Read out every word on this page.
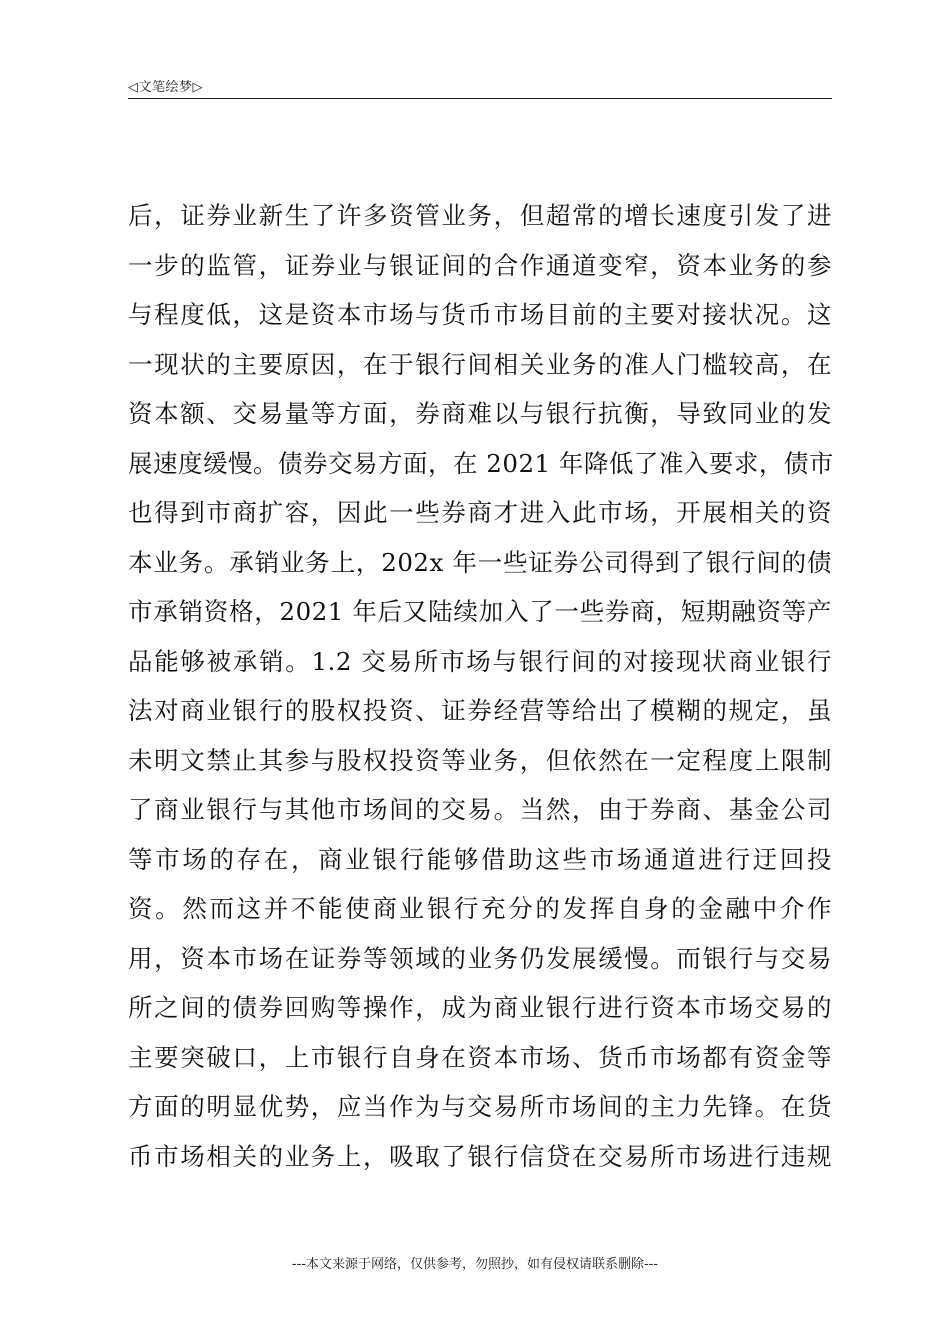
◁文笔绘梦▷
后，证券业新生了许多资管业务，但超常的增长速度引发了进
一步的监管，证券业与银证间的合作通道变窄，资本业务的参
与程度低，这是资本市场与货币市场目前的主要对接状况。这
一现状的主要原因，在于银行间相关业务的准人门槛较高，在
资本额、交易量等方面，券商难以与银行抗衡，导致同业的发
展速度缓慢。债券交易方面，在 2021 年降低了准入要求，债市
也得到市商扩容，因此一些券商才进入此市场，开展相关的资
本业务。承销业务上，202x 年一些证券公司得到了银行间的债
市承销资格，2021 年后又陆续加入了一些券商，短期融资等产
品能够被承销。1.2 交易所市场与银行间的对接现状商业银行
法对商业银行的股权投资、证券经营等给出了模糊的规定，虽
未明文禁止其参与股权投资等业务，但依然在一定程度上限制
了商业银行与其他市场间的交易。当然，由于券商、基金公司
等市场的存在，商业银行能够借助这些市场通道进行迂回投
资。然而这并不能使商业银行充分的发挥自身的金融中介作
用，资本市场在证券等领域的业务仍发展缓慢。而银行与交易
所之间的债券回购等操作，成为商业银行进行资本市场交易的
主要突破口，上市银行自身在资本市场、货币市场都有资金等
方面的明显优势，应当作为与交易所市场间的主力先锋。在货
币市场相关的业务上，吸取了银行信贷在交易所市场进行违规
---本文来源于网络，仅供参考，勿照抄，如有侵权请联系删除---
